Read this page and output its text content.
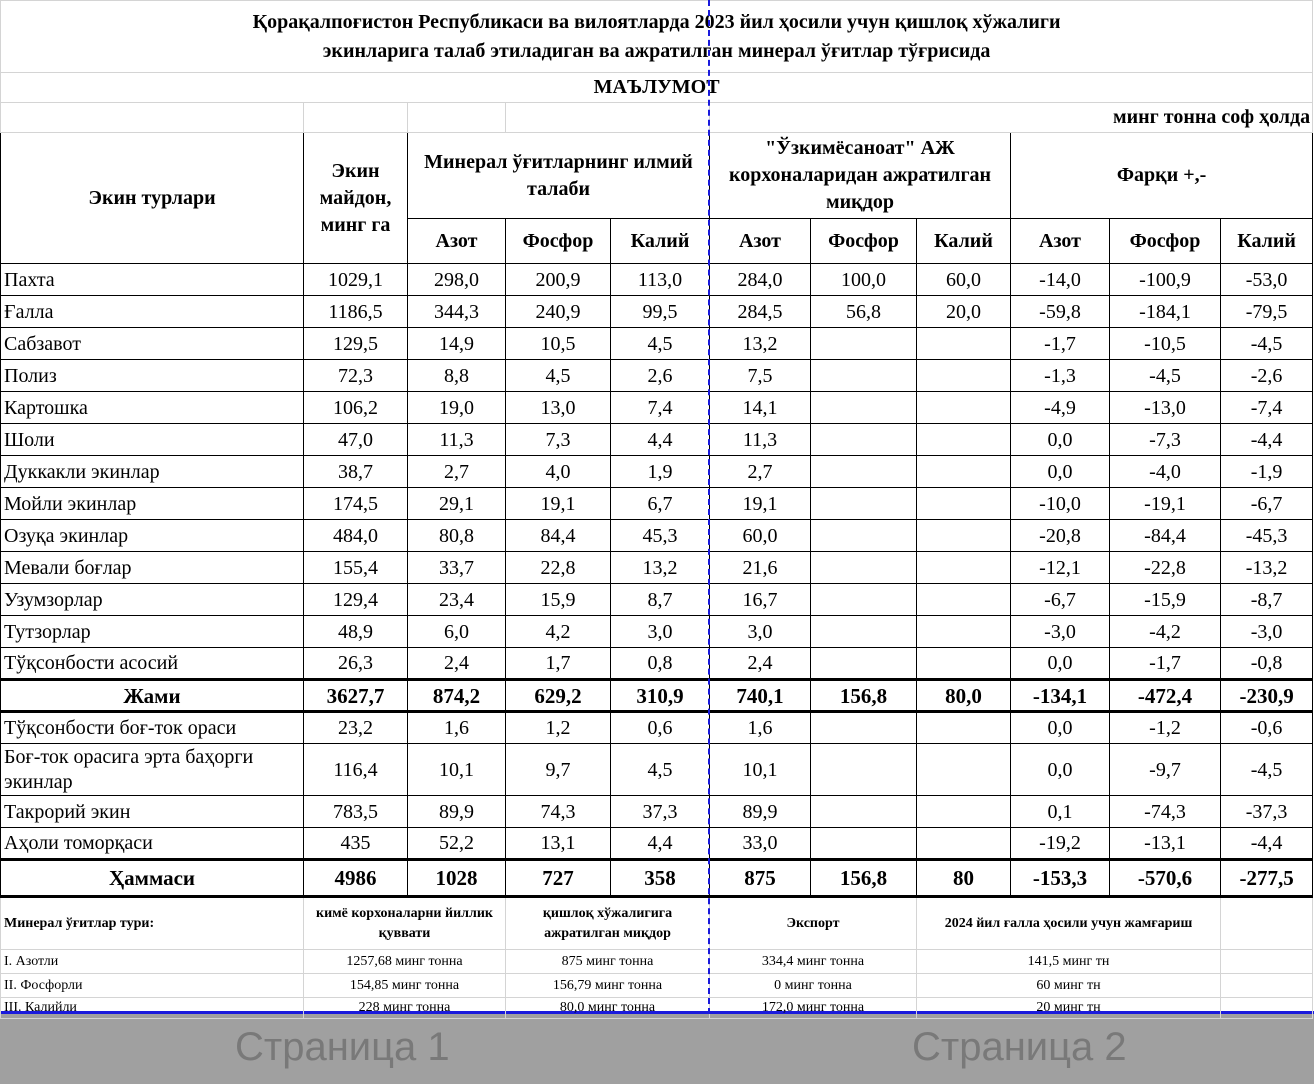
Қорақалпоғистон Республикаси ва вилоятларда 2023 йил ҳосили учун қишлоқ хўжалиги
экинларига талаб этиладиган ва ажратилган минерал ўғитлар тўғрисида										

МАЪЛУМОТ										
					минг тонна соф ҳолда					
Экин турлари	Экин майдон, минг га	Минерал ўғитларнинг илмий талаби			"Ўзкимёсаноат" АЖ корхоналаридан ажратилган миқдор			Фарқи +,-		
		Азот	Фосфор	Калий	Азот	Фосфор	Калий	Азот	Фосфор	Калий
Пахта	1029,1	298,0	200,9	113,0	284,0	100,0	60,0	-14,0	-100,9	-53,0
Ғалла	1186,5	344,3	240,9	99,5	284,5	56,8	20,0	-59,8	-184,1	-79,5
Сабзавот	129,5	14,9	10,5	4,5	13,2			-1,7	-10,5	-4,5
Полиз	72,3	8,8	4,5	2,6	7,5			-1,3	-4,5	-2,6
Картошка	106,2	19,0	13,0	7,4	14,1			-4,9	-13,0	-7,4
Шоли	47,0	11,3	7,3	4,4	11,3			0,0	-7,3	-4,4
Дуккакли экинлар	38,7	2,7	4,0	1,9	2,7			0,0	-4,0	-1,9
Мойли экинлар	174,5	29,1	19,1	6,7	19,1			-10,0	-19,1	-6,7
Озуқа экинлар	484,0	80,8	84,4	45,3	60,0			-20,8	-84,4	-45,3
Мевали боғлар	155,4	33,7	22,8	13,2	21,6			-12,1	-22,8	-13,2
Узумзорлар	129,4	23,4	15,9	8,7	16,7			-6,7	-15,9	-8,7
Тутзорлар	48,9	6,0	4,2	3,0	3,0			-3,0	-4,2	-3,0
Тўқсонбости асосий	26,3	2,4	1,7	0,8	2,4			0,0	-1,7	-0,8
Жами	3627,7	874,2	629,2	310,9	740,1	156,8	80,0	-134,1	-472,4	-230,9
Тўқсонбости боғ-ток ораси	23,2	1,6	1,2	0,6	1,6			0,0	-1,2	-0,6
Боғ-ток орасига эрта баҳорги экинлар	116,4	10,1	9,7	4,5	10,1			0,0	-9,7	-4,5
Такрорий экин	783,5	89,9	74,3	37,3	89,9			0,1	-74,3	-37,3
Аҳоли томорқаси	435	52,2	13,1	4,4	33,0			-19,2	-13,1	-4,4
Ҳаммаси	4986	1028	727	358	875	156,8	80	-153,3	-570,6	-277,5
Минерал ўғитлар тури:	кимё корхоналарни йиллик қуввати		қишлоқ хўжалигига ажратилган миқдор		Экспорт		2024 йил ғалла ҳосили учун жамғариш			
I. Азотли	1257,68 минг тонна		875 минг тонна		334,4 минг тонна		141,5 минг тн			
II. Фосфорли	154,85 минг тонна		156,79 минг тонна		0 минг тонна		60 минг тн			
III. Калийли	228 минг тонна		80,0 минг тонна		172,0 минг тонна		20 минг тн			
Страница 1	Страница 2
